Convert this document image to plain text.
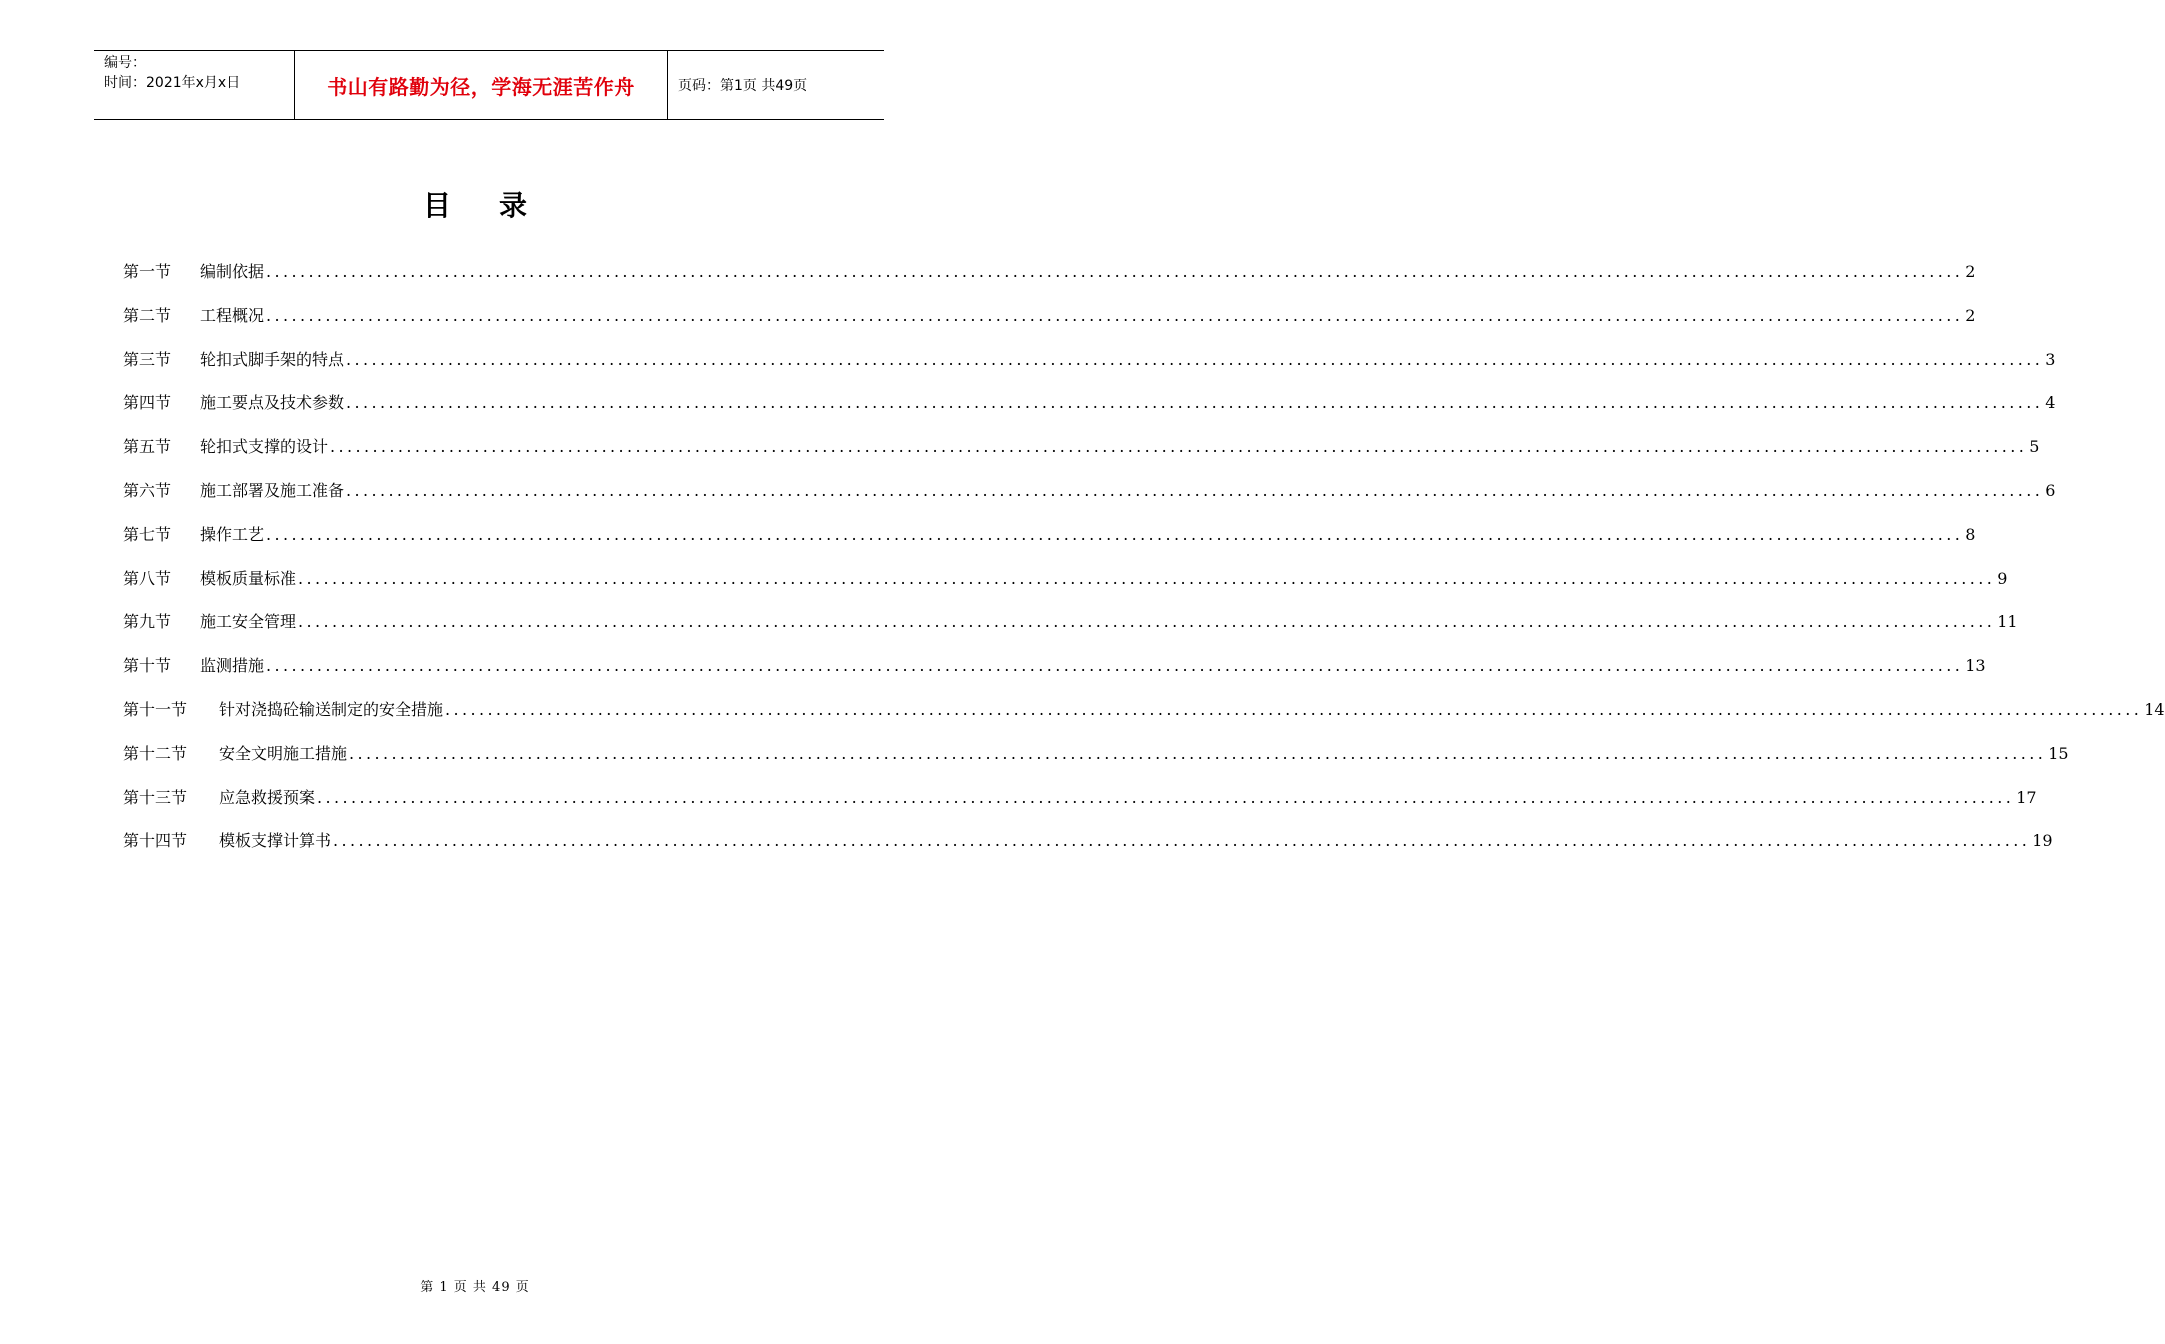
编号：
时间：2021年x月x日	书山有路勤为径，学海无涯苦作舟	页码：第1页 共49页
目录
第一节	编制依据 ........................................................................................................................................................................................................ 2
第二节	工程概况 ........................................................................................................................................................................................................ 2
第三节	轮扣式脚手架的特点 ........................................................................................................................................................................................................ 3
第四节	施工要点及技术参数 ........................................................................................................................................................................................................ 4
第五节	轮扣式支撑的设计 ........................................................................................................................................................................................................ 5
第六节	施工部署及施工准备 ........................................................................................................................................................................................................ 6
第七节	操作工艺 ........................................................................................................................................................................................................ 8
第八节	模板质量标准 ........................................................................................................................................................................................................ 9
第九节	施工安全管理 ........................................................................................................................................................................................................ 11
第十节	监测措施 ........................................................................................................................................................................................................ 13
第十一节	针对浇捣砼输送制定的安全措施 ........................................................................................................................................................................................................ 14
第十二节	安全文明施工措施 ........................................................................................................................................................................................................ 15
第十三节	应急救援预案 ........................................................................................................................................................................................................ 17
第十四节	模板支撑计算书 ........................................................................................................................................................................................................ 19
第 1 页 共 49 页
